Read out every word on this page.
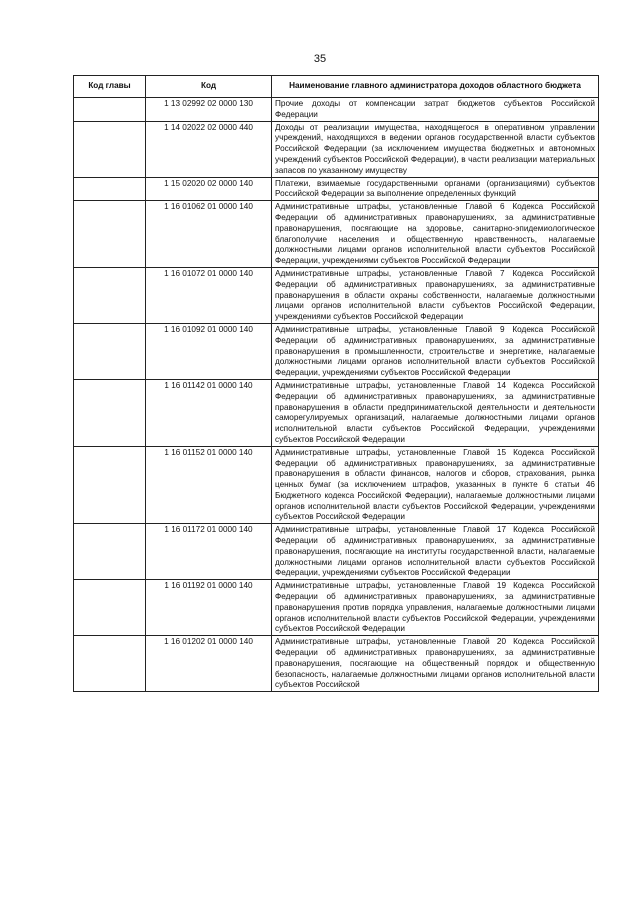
35
Код главы	Код	Наименование главного администратора доходов областного бюджета
	1 13 02992 02 0000 130	Прочие доходы от компенсации затрат бюджетов субъектов Российской Федерации
	1 14 02022 02 0000 440	Доходы от реализации имущества, находящегося в оперативном управлении учреждений, находящихся в ведении органов государственной власти субъектов Российской Федерации (за исключением имущества бюджетных и автономных учреждений субъектов Российской Федерации), в части реализации материальных запасов по указанному имуществу
	1 15 02020 02 0000 140	Платежи, взимаемые государственными органами (организациями) субъектов Российской Федерации за выполнение определенных функций
	1 16 01062 01 0000 140	Административные штрафы, установленные Главой 6 Кодекса Российской Федерации об административных правонарушениях, за административные правонарушения, посягающие на здоровье, санитарно-эпидемиологическое благополучие населения и общественную нравственность, налагаемые должностными лицами органов исполнительной власти субъектов Российской Федерации, учреждениями субъектов Российской Федерации
	1 16 01072 01 0000 140	Административные штрафы, установленные Главой 7 Кодекса Российской Федерации об административных правонарушениях, за административные правонарушения в области охраны собственности, налагаемые должностными лицами органов исполнительной власти субъектов Российской Федерации, учреждениями субъектов Российской Федерации
	1 16 01092 01 0000 140	Административные штрафы, установленные Главой 9 Кодекса Российской Федерации об административных правонарушениях, за административные правонарушения в промышленности, строительстве и энергетике, налагаемые должностными лицами органов исполнительной власти субъектов Российской Федерации, учреждениями субъектов Российской Федерации
	1 16 01142 01 0000 140	Административные штрафы, установленные Главой 14 Кодекса Российской Федерации об административных правонарушениях, за административные правонарушения в области предпринимательской деятельности и деятельности саморегулируемых организаций, налагаемые должностными лицами органов исполнительной власти субъектов Российской Федерации, учреждениями субъектов Российской Федерации
	1 16 01152 01 0000 140	Административные штрафы, установленные Главой 15 Кодекса Российской Федерации об административных правонарушениях, за административные правонарушения в области финансов, налогов и сборов, страхования, рынка ценных бумаг (за исключением штрафов, указанных в пункте 6 статьи 46 Бюджетного кодекса Российской Федерации), налагаемые должностными лицами органов исполнительной власти субъектов Российской Федерации, учреждениями субъектов Российской Федерации
	1 16 01172 01 0000 140	Административные штрафы, установленные Главой 17 Кодекса Российской Федерации об административных правонарушениях, за административные правонарушения, посягающие на институты государственной власти, налагаемые должностными лицами органов исполнительной власти субъектов Российской Федерации, учреждениями субъектов Российской Федерации
	1 16 01192 01 0000 140	Административные штрафы, установленные Главой 19 Кодекса Российской Федерации об административных правонарушениях, за административные правонарушения против порядка управления, налагаемые должностными лицами органов исполнительной власти субъектов Российской Федерации, учреждениями субъектов Российской Федерации
	1 16 01202 01 0000 140	Административные штрафы, установленные Главой 20 Кодекса Российской Федерации об административных правонарушениях, за административные правонарушения, посягающие на общественный порядок и общественную безопасность, налагаемые должностными лицами органов исполнительной власти субъектов Российской
